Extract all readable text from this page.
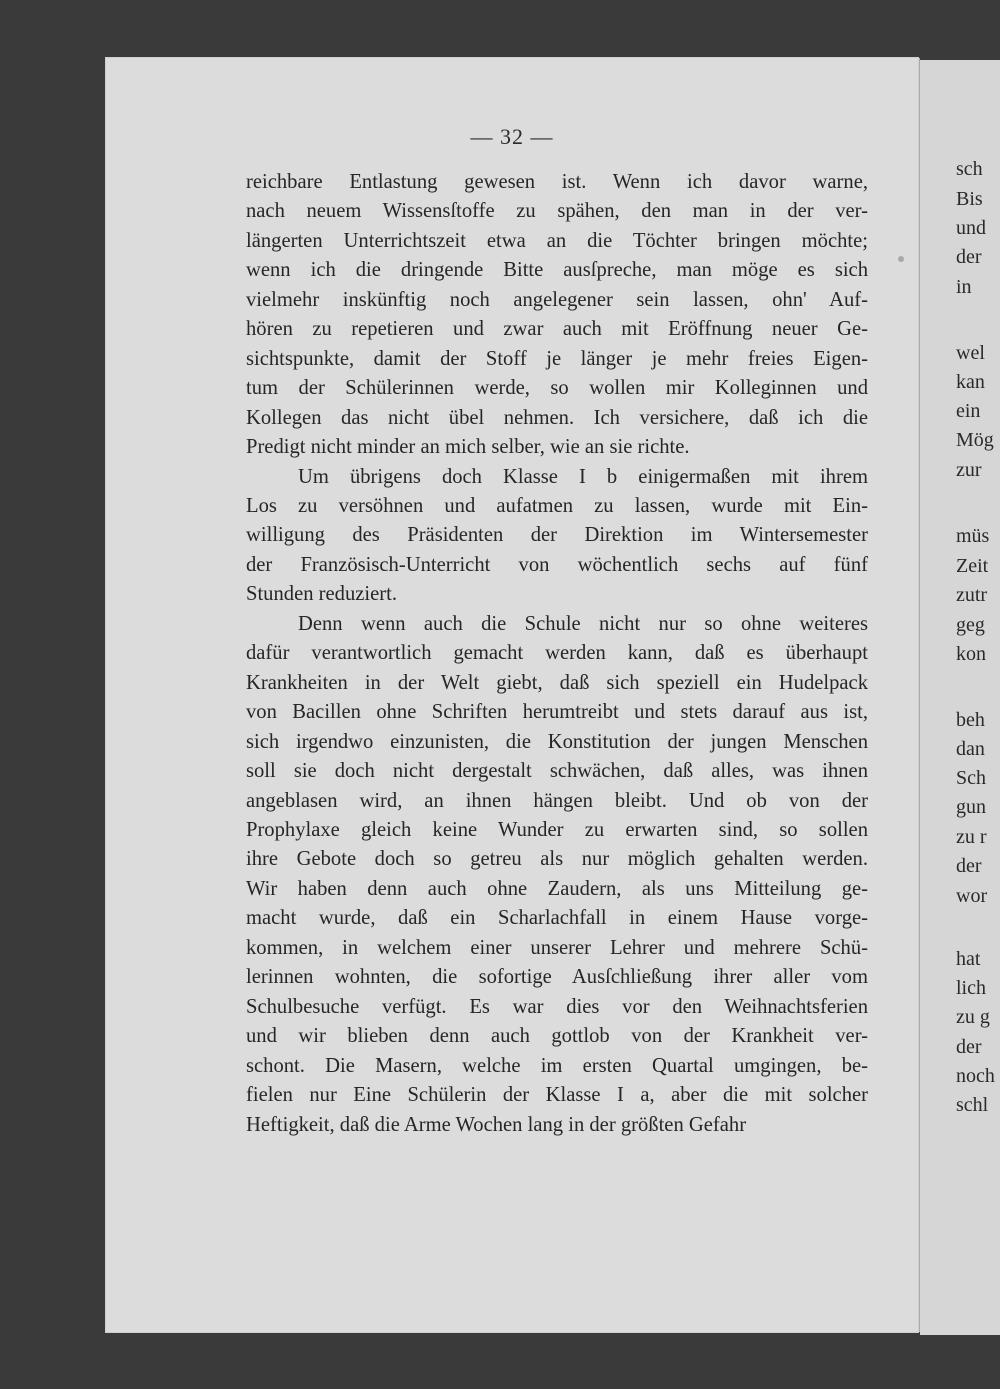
sch
Bis
und
der
in
wel
kan
ein
Mög
zur
müs
Zeit
zutr
geg
kon
beh
dan
Sch
gun
zu r
der
wor
hat
lich
zu g
der
noch
schl
— 32 —
reichbare Entlastung gewesen ist. Wenn ich davor warne,
nach neuem Wissensſtoffe zu spähen, den man in der ver-
längerten Unterrichtszeit etwa an die Töchter bringen möchte;
wenn ich die dringende Bitte ausſpreche, man möge es sich
vielmehr inskünftig noch angelegener sein lassen, ohn' Auf-
hören zu repetieren und zwar auch mit Eröffnung neuer Ge-
sichtspunkte, damit der Stoff je länger je mehr freies Eigen-
tum der Schülerinnen werde, so wollen mir Kolleginnen und
Kollegen das nicht übel nehmen. Ich versichere, daß ich die
Predigt nicht minder an mich selber, wie an sie richte.
Um übrigens doch Klasse I b einigermaßen mit ihrem
Los zu versöhnen und aufatmen zu lassen, wurde mit Ein-
willigung des Präsidenten der Direktion im Wintersemester
der Französisch-Unterricht von wöchentlich sechs auf fünf
Stunden reduziert.
Denn wenn auch die Schule nicht nur so ohne weiteres
dafür verantwortlich gemacht werden kann, daß es überhaupt
Krankheiten in der Welt giebt, daß sich speziell ein Hudelpack
von Bacillen ohne Schriften herumtreibt und stets darauf aus ist,
sich irgendwo einzunisten, die Konstitution der jungen Menschen
soll sie doch nicht dergestalt schwächen, daß alles, was ihnen
angeblasen wird, an ihnen hängen bleibt. Und ob von der
Prophylaxe gleich keine Wunder zu erwarten sind, so sollen
ihre Gebote doch so getreu als nur möglich gehalten werden.
Wir haben denn auch ohne Zaudern, als uns Mitteilung ge-
macht wurde, daß ein Scharlachfall in einem Hause vorge-
kommen, in welchem einer unserer Lehrer und mehrere Schü-
lerinnen wohnten, die sofortige Ausſchließung ihrer aller vom
Schulbesuche verfügt. Es war dies vor den Weihnachtsferien
und wir blieben denn auch gottlob von der Krankheit ver-
schont. Die Masern, welche im ersten Quartal umgingen, be-
fielen nur Eine Schülerin der Klasse I a, aber die mit solcher
Heftigkeit, daß die Arme Wochen lang in der größten Gefahr
